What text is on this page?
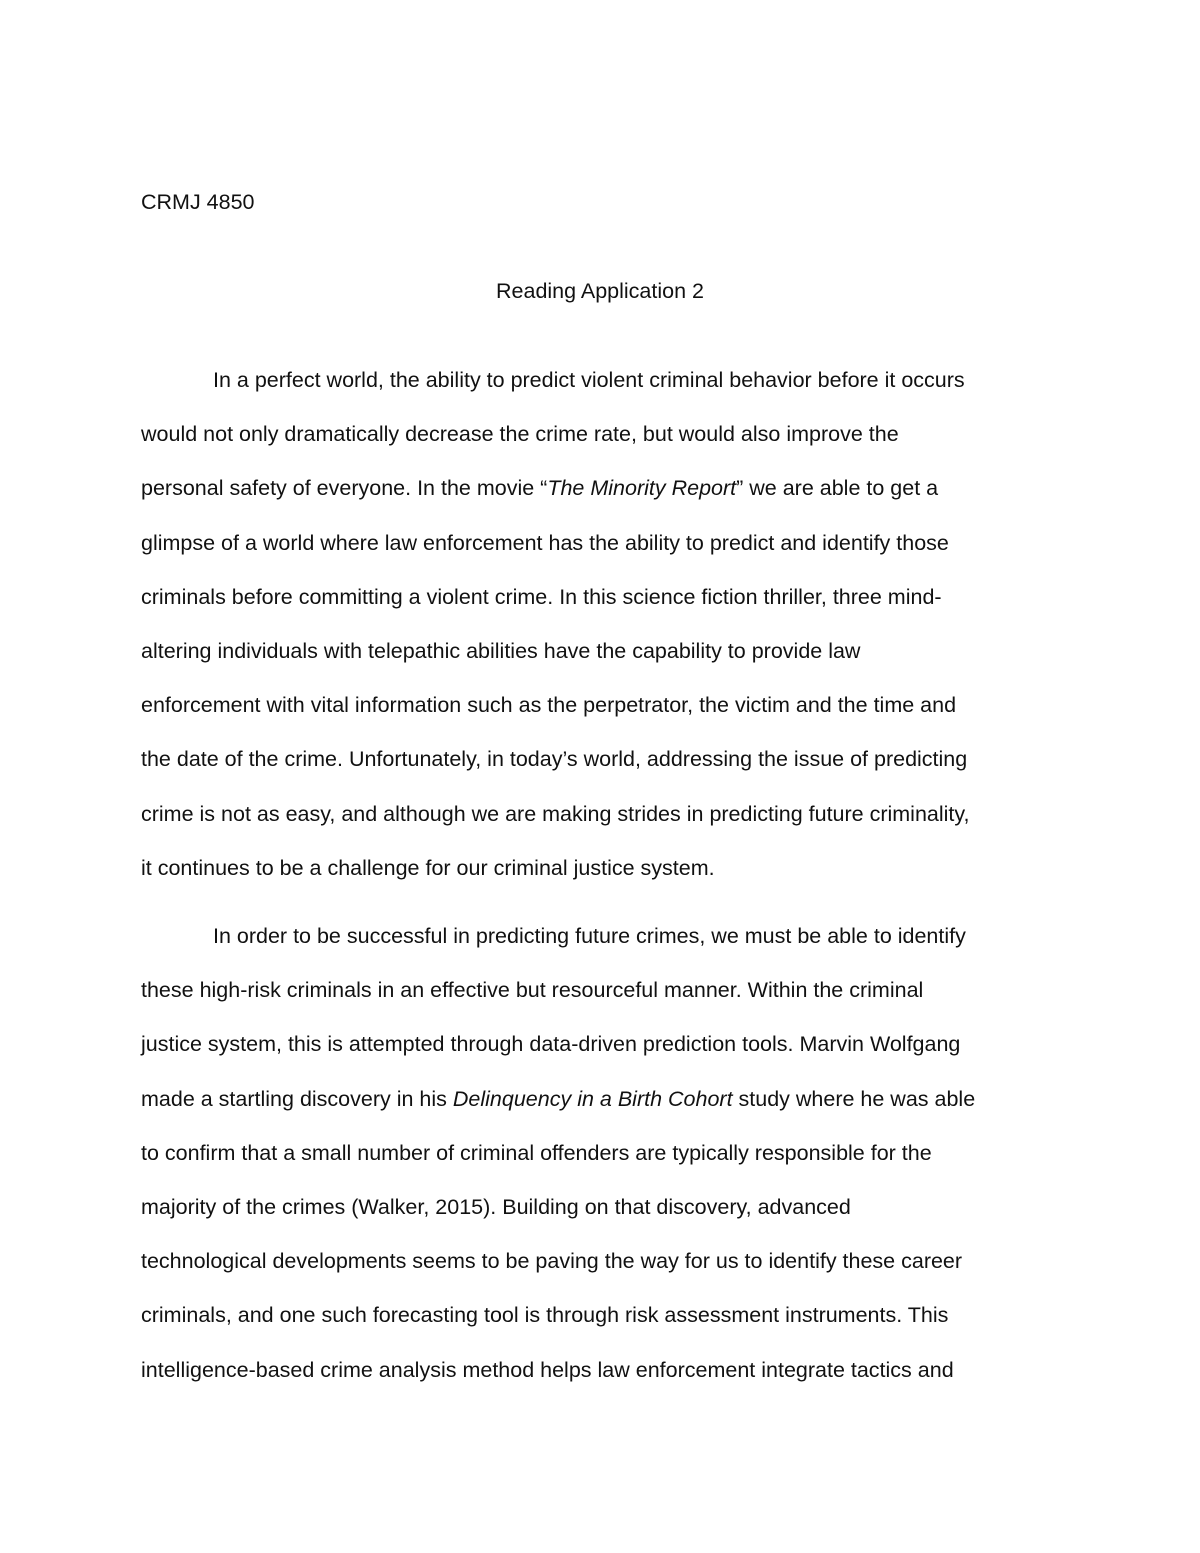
CRMJ 4850
Reading Application 2
In a perfect world, the ability to predict violent criminal behavior before it occurs
would not only dramatically decrease the crime rate, but would also improve the
personal safety of everyone. In the movie “The Minority Report” we are able to get a
glimpse of a world where law enforcement has the ability to predict and identify those
criminals before committing a violent crime. In this science fiction thriller, three mind-
altering individuals with telepathic abilities have the capability to provide law
enforcement with vital information such as the perpetrator, the victim and the time and
the date of the crime. Unfortunately, in today’s world, addressing the issue of predicting
crime is not as easy, and although we are making strides in predicting future criminality,
it continues to be a challenge for our criminal justice system.
In order to be successful in predicting future crimes, we must be able to identify
these high-risk criminals in an effective but resourceful manner. Within the criminal
justice system, this is attempted through data-driven prediction tools. Marvin Wolfgang
made a startling discovery in his Delinquency in a Birth Cohort study where he was able
to confirm that a small number of criminal offenders are typically responsible for the
majority of the crimes (Walker, 2015). Building on that discovery, advanced
technological developments seems to be paving the way for us to identify these career
criminals, and one such forecasting tool is through risk assessment instruments. This
intelligence-based crime analysis method helps law enforcement integrate tactics and
